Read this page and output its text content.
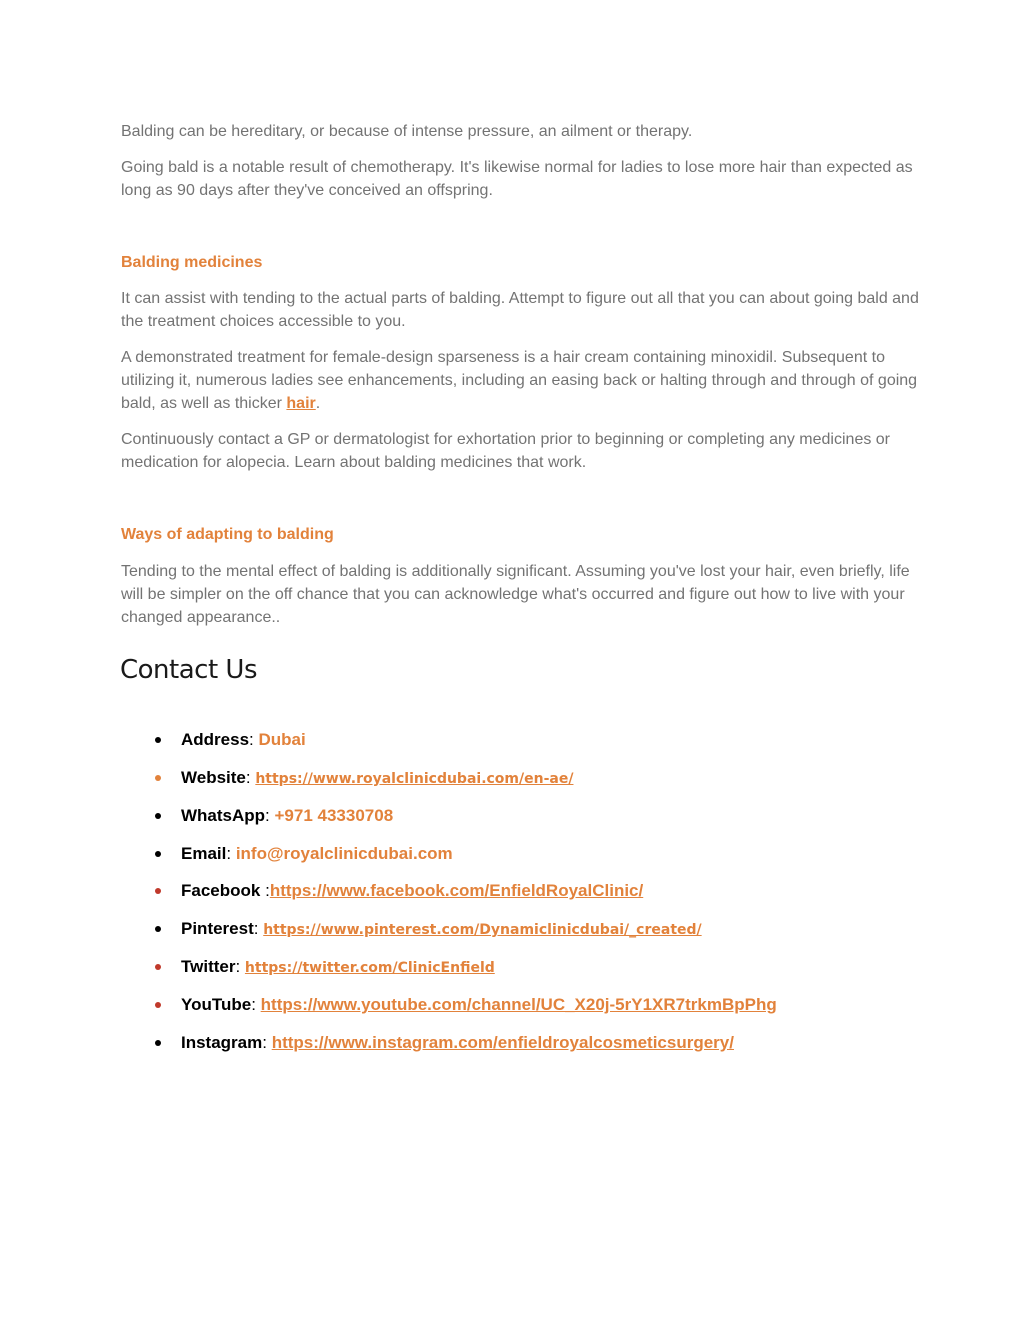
Balding can be hereditary, or because of intense pressure, an ailment or therapy.

Going bald is a notable result of chemotherapy. It's likewise normal for ladies to lose more hair than expected as long as 90 days after they've conceived an offspring.

Balding medicines

It can assist with tending to the actual parts of balding. Attempt to figure out all that you can about going bald and the treatment choices accessible to you.

A demonstrated treatment for female-design sparseness is a hair cream containing minoxidil. Subsequent to utilizing it, numerous ladies see enhancements, including an easing back or halting through and through of going bald, as well as thicker hair.

Continuously contact a GP or dermatologist for exhortation prior to beginning or completing any medicines or medication for alopecia. Learn about balding medicines that work.

Ways of adapting to balding

Tending to the mental effect of balding is additionally significant. Assuming you've lost your hair, even briefly, life will be simpler on the off chance that you can acknowledge what's occurred and figure out how to live with your changed appearance..

Contact Us
Address: Dubai
Website: https://www.royalclinicdubai.com/en-ae/
WhatsApp: +971 43330708
Email: info@royalclinicdubai.com
Facebook :https://www.facebook.com/EnfieldRoyalClinic/
Pinterest: https://www.pinterest.com/Dynamiclinicdubai/_created/
Twitter: https://twitter.com/ClinicEnfield
YouTube: https://www.youtube.com/channel/UC_X20j-5rY1XR7trkmBpPhg
Instagram: https://www.instagram.com/enfieldroyalcosmeticsurgery/
